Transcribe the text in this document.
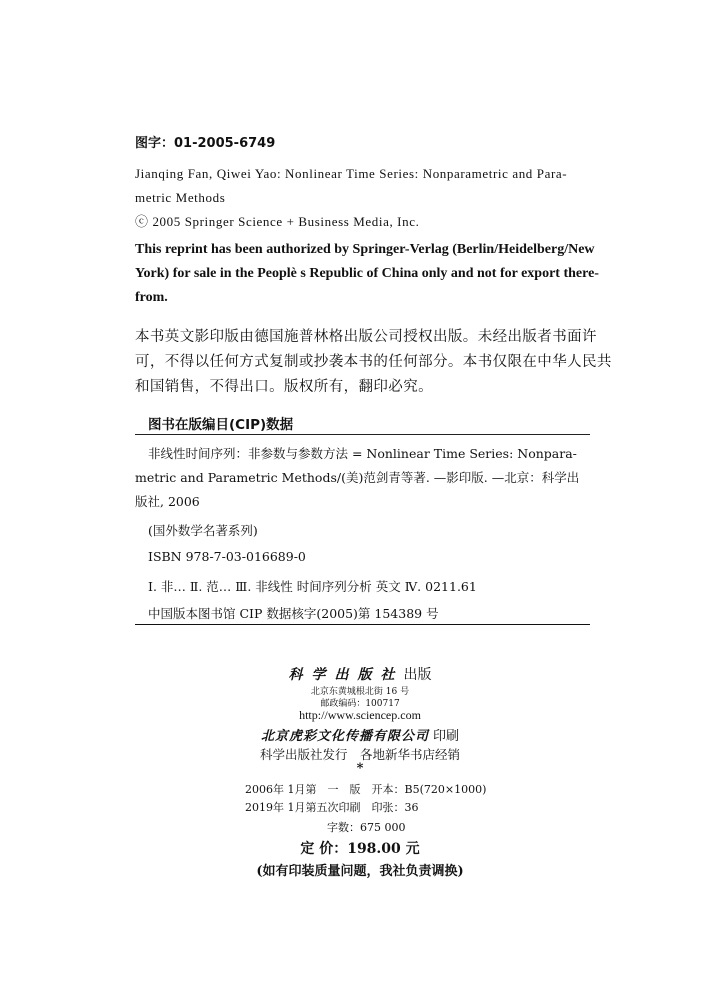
图字：01-2005-6749
Jianqing Fan, Qiwei Yao: Nonlinear Time Series: Nonparametric and Para-
metric Methods
ⓒ 2005 Springer Science + Business Media, Inc.
This reprint has been authorized by Springer-Verlag (Berlin/Heidelberg/New
York) for sale in the Peoplè s Republic of China only and not for export there-
from.
本书英文影印版由德国施普林格出版公司授权出版。未经出版者书面许
可，不得以任何方式复制或抄袭本书的任何部分。本书仅限在中华人民共
和国销售，不得出口。版权所有，翻印必究。
图书在版编目(CIP)数据
非线性时间序列：非参数与参数方法 = Nonlinear Time Series: Nonpara-
metric and Parametric Methods/(美)范剑青等著. —影印版. —北京：科学出
版社, 2006
(国外数学名著系列)
ISBN 978-7-03-016689-0
Ⅰ. 非… Ⅱ. 范… Ⅲ. 非线性 时间序列分析 英文 Ⅳ. 0211.61
中国版本图书馆 CIP 数据核字(2005)第 154389 号
科学出版社出版
北京东黄城根北街 16 号
邮政编码：100717
http://www.sciencep.com
北京虎彩文化传播有限公司 印刷
科学出版社发行　各地新华书店经销
*
2006年 1月第　一　版　开本：B5(720×1000)
2019年 1月第五次印刷　印张：36
字数：675 000
定 价：198.00 元
(如有印装质量问题，我社负责调换)
